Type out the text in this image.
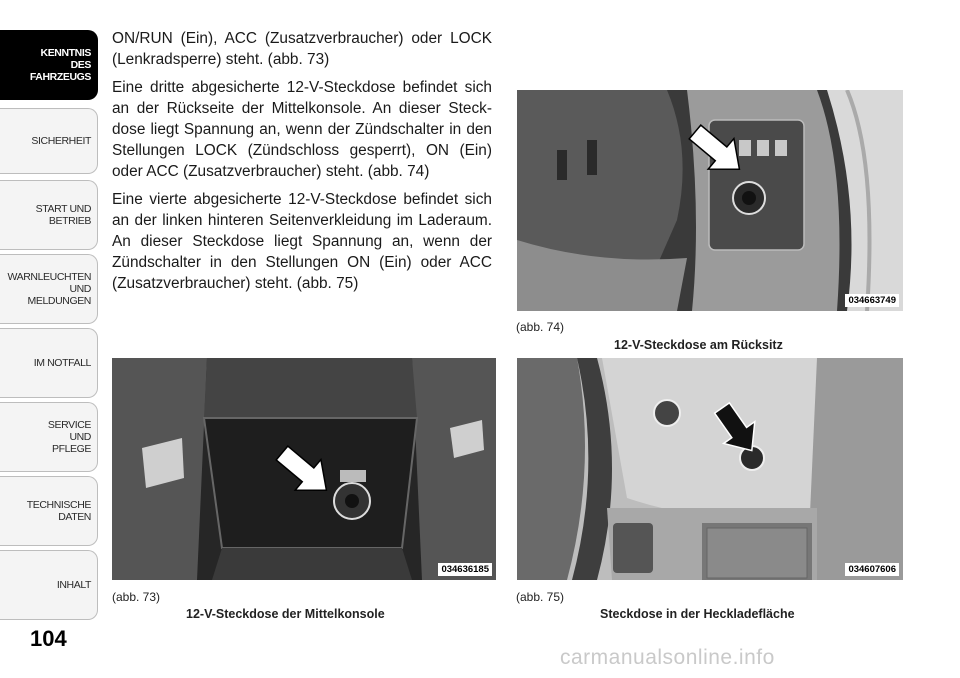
KENNTNIS
DES
FAHRZEUGS
SICHERHEIT
START UND
BETRIEB
WARNLEUCHTEN
UND
MELDUNGEN
IM NOTFALL
SERVICE
UND
PFLEGE
TECHNISCHE
DATEN
INHALT
104

ON/RUN (Ein), ACC (Zusatzverbraucher) oder LOCK (Lenkradsperre) steht. (abb. 73)

Eine dritte abgesicherte 12-V-Steckdose befindet sich an der Rückseite der Mittelkonsole. An dieser Steck-dose liegt Spannung an, wenn der Zündschalter in den Stellungen LOCK (Zündschloss gesperrt), ON (Ein) oder ACC (Zusatzverbraucher) steht. (abb. 74)

Eine vierte abgesicherte 12-V-Steckdose befindet sich an der linken hinteren Seitenverkleidung im Laderaum. An dieser Steckdose liegt Spannung an, wenn der Zündschalter in den Stellungen ON (Ein) oder ACC (Zusatzverbraucher) steht. (abb. 75)

034663749
(abb. 74)
12-V-Steckdose am Rücksitz
034636185
(abb. 73)
12-V-Steckdose der Mittelkonsole
034607606
(abb. 75)
Steckdose in der Heckladefläche
carmanualsonline.info
